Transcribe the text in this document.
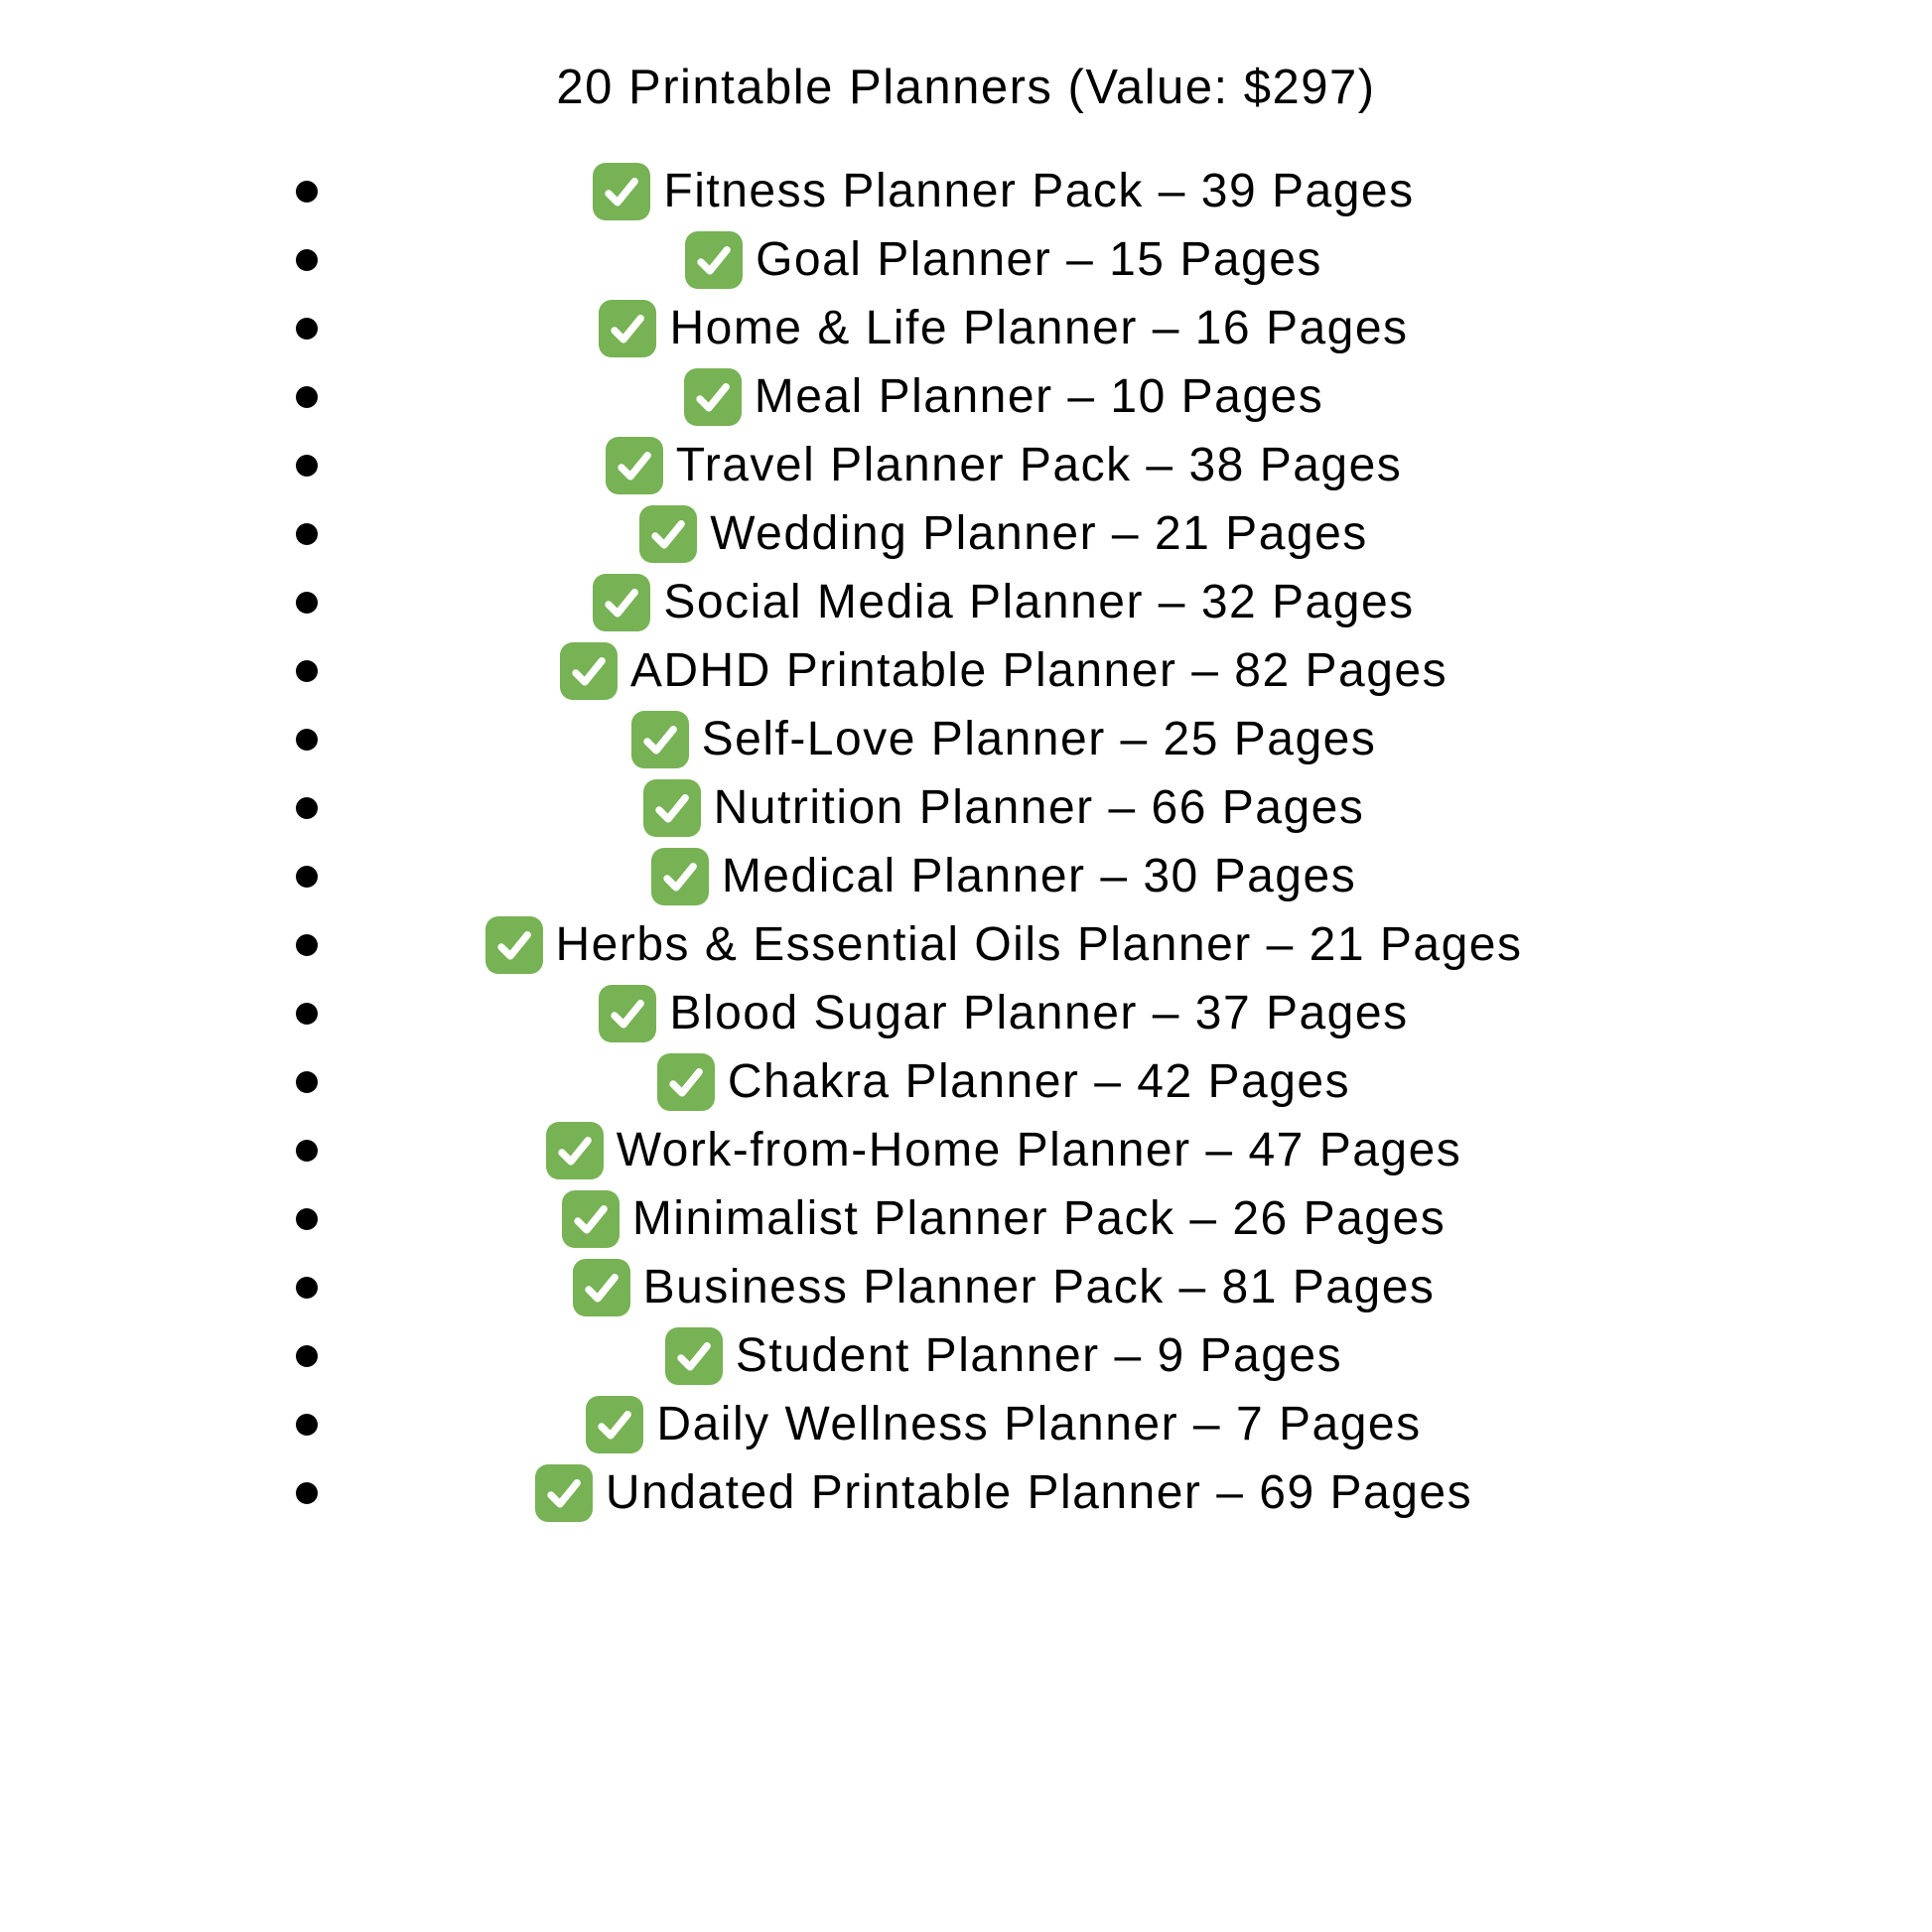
20 Printable Planners (Value: $297)
Fitness Planner Pack – 39 Pages
Goal Planner – 15 Pages
Home & Life Planner – 16 Pages
Meal Planner – 10 Pages
Travel Planner Pack – 38 Pages
Wedding Planner – 21 Pages
Social Media Planner – 32 Pages
ADHD Printable Planner – 82 Pages
Self-Love Planner – 25 Pages
Nutrition Planner – 66 Pages
Medical Planner – 30 Pages
Herbs & Essential Oils Planner – 21 Pages
Blood Sugar Planner – 37 Pages
Chakra Planner – 42 Pages
Work-from-Home Planner – 47 Pages
Minimalist Planner Pack – 26 Pages
Business Planner Pack – 81 Pages
Student Planner – 9 Pages
Daily Wellness Planner – 7 Pages
Undated Printable Planner – 69 Pages
